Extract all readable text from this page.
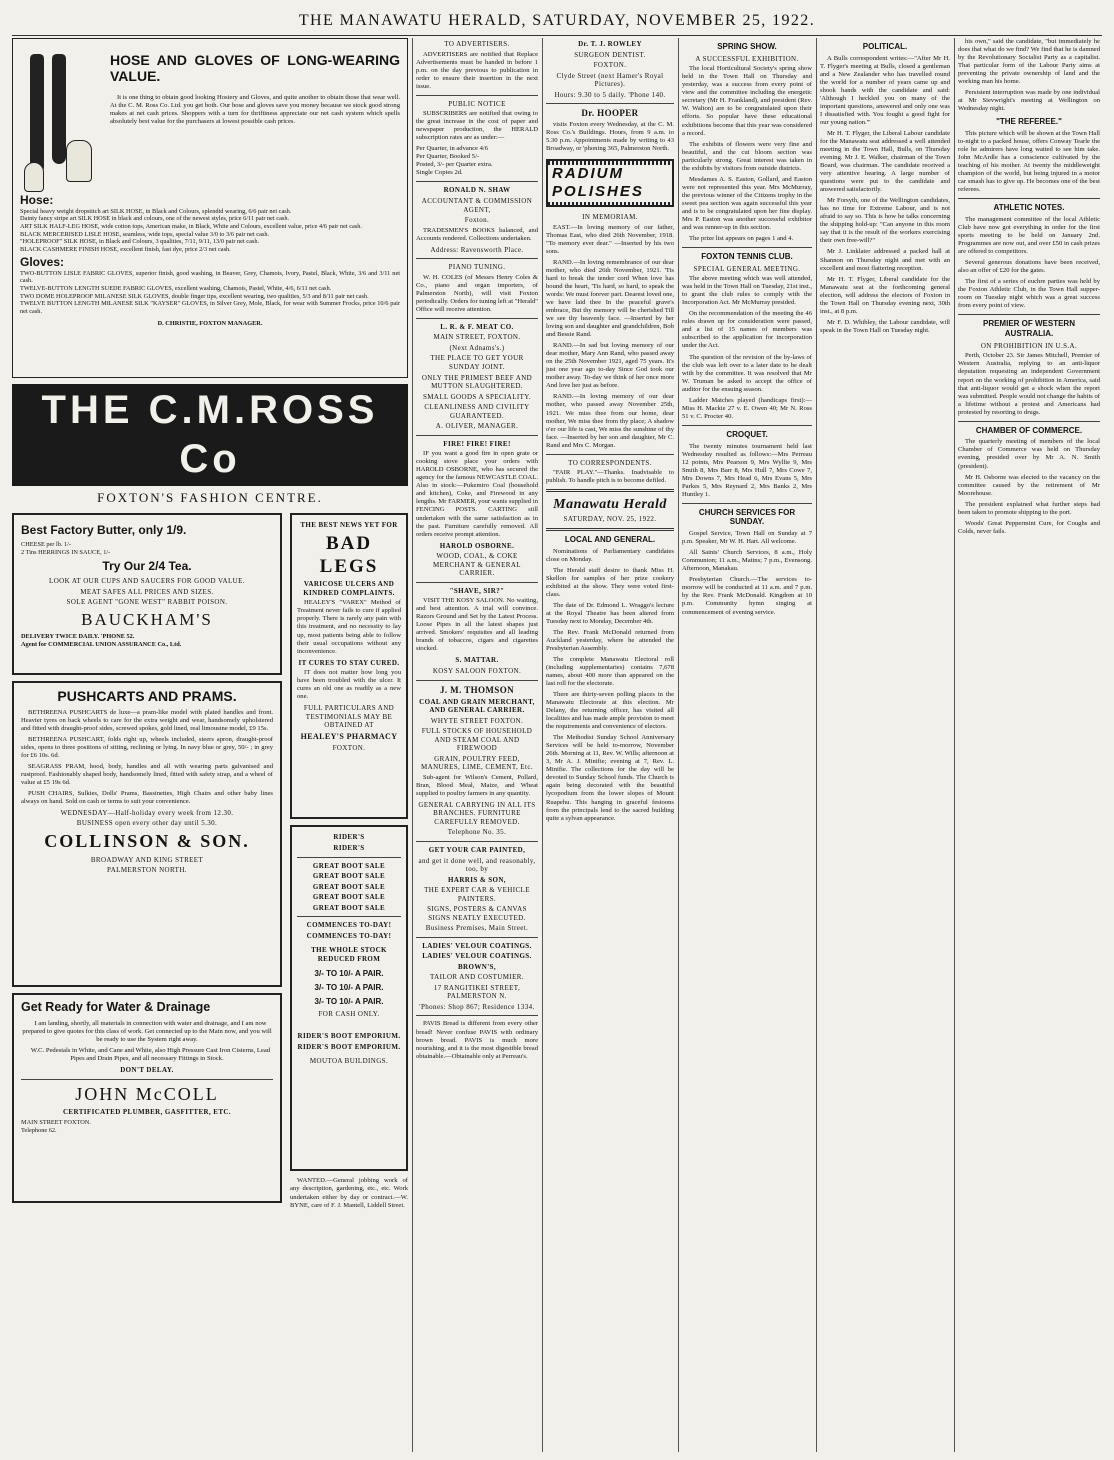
THE MANAWATU HERALD, SATURDAY, NOVEMBER 25, 1922.
HOSE AND GLOVES OF LONG-WEARING VALUE.

It is one thing to obtain good looking Hosiery and Gloves, and quite another to obtain those that wear well. At the C. M. Ross Co. Ltd. you get both. Our hose and gloves save you money because we stock good strong makes at net cash prices. Shoppers with a turn for thriftiness appreciate our net cash system which spells absolutely best value for the purchasers at lowest possible cash prices.

Hose:
Special heavy weight dropstitch art SILK HOSE, in Black and Colours, splendid wearing, 6/6 pair net cash.
Dainty fancy stripe art SILK HOSE in black and colours, one of the newest styles, price 6/11 pair net cash.
ART SILK HALF-LEG HOSE, wide cotton tops, American make, in Black, White and Colours, excellent value, price 4/6 pair net cash.
BLACK MERCERISED LISLE HOSE, seamless, wide tops, special value 3/0 to 3/6 pair net cash.
"HOLEPROOF" SILK HOSE, in Black and Colours, 3 qualities, 7/11, 9/11, 13/0 pair net cash.
BLACK CASHMERE FINISH HOSE, excellent finish, fast dye, price 2/3 net cash.
Gloves:
TWO-BUTTON LISLE FABRIC GLOVES, superior finish, good washing, in Beaver, Grey, Chamois, Ivory, Pastel, Black, White, 3/6 and 3/11 net cash.
TWELVE-BUTTON LENGTH SUEDE FABRIC GLOVES, excellent washing, Chamois, Pastel, White, 4/6, 6/11 net cash.
TWO DOME HOLEPROOF MILANESE SILK GLOVES, double finger tips, excellent wearing, two qualities, 5/3 and 8/11 pair net cash.
TWELVE BUTTON LENGTH MILANESE SILK "KAYSER" GLOVES, in Silver Grey, Mole, Black, for wear with Summer Frocks, price 10/6 pair net cash.
D. CHRISTIE, FOXTON MANAGER.
THE C.M.ROSS Co
FOXTON'S FASHION CENTRE.
Best Factory Butter, only 1/9.
CHEESE per lb. 1/-
2 Tins HERRINGS IN SAUCE, 1/-
Try Our 2/4 Tea.
LOOK AT OUR CUPS AND SAUCERS FOR GOOD VALUE.
MEAT SAFES ALL PRICES AND SIZES.
SOLE AGENT "GONE WEST" RABBIT POISON.
BAUCKHAM'S
DELIVERY TWICE DAILY. 'PHONE 52.
Agent for COMMERCIAL UNION ASSURANCE Co., Ltd.
PUSHCARTS AND PRAMS.

BETHREENA PUSHCARTS de luxe—a pram-like model with plated handles and front. Heavier tyres on back wheels to care for the extra weight and wear, handsomely upholstered and fitted with draught-proof sides, screwed spokes, gold lined, real limousine model, £9 15s.

BETHREENA PUSHCART, folds right up, wheels included, steers apron, draught-proof sides, opens to three positions of sitting, reclining or lying. In navy blue or grey, 50/- ; in grey for £6 10s. 6d.

SEAGRASS PRAM, hood, body, handles and all with wearing parts galvanised and rustproof. Fashionably shaped body, handsomely lined, fitted with safety strap, and a wheel of value at £5 19s 6d.

PUSH CHAIRS, Sulkies, Dolls' Prams, Bassinettes, High Chairs and other baby lines always on hand. Sold on cash or terms to suit your convenience.

WEDNESDAY—Half-holiday every week from 12.30.
BUSINESS open every other day until 5.30.
COLLINSON & SON.
BROADWAY AND KING STREET
PALMERSTON NORTH.
Get Ready for Water & Drainage

I am landing, shortly, all materials in connection with water and drainage, and I am now prepared to give quotes for this class of work. Get connected up to the Main now, and you will be ready to use the System right away.

W.C. Pedestals in White, and Cane and White, also High Pressure Cast Iron Cisterns, Lead Pipes and Drain Pipes, and all necessary Fittings in Stock.

DON'T DELAY.
JOHN McCOLL
CERTIFICATED PLUMBER, GASFITTER, ETC.
MAIN STREET FOXTON.
Telephone 62.
THE BEST NEWS YET FOR
BAD LEGS
VARICOSE ULCERS AND KINDRED COMPLAINTS.

HEALEY'S "VAREX" Method of Treatment never fails to cure if applied properly. There is rarely any pain with this treatment, and no necessity to lay up, most patients being able to follow their usual occupations without any inconvenience.

IT CURES TO STAY CURED.

IT does not matter how long you have been troubled with the ulcer. It cures an old one as readily as a new one.

FULL PARTICULARS AND TESTIMONIALS MAY BE OBTAINED AT
HEALEY'S PHARMACY
FOXTON.
RIDER'S
RIDER'S
GREAT BOOT SALE
GREAT BOOT SALE
GREAT BOOT SALE
GREAT BOOT SALE
GREAT BOOT SALE
COMMENCES TO-DAY!
COMMENCES TO-DAY!
THE WHOLE STOCK REDUCED FROM
3/- TO 10/- A PAIR.
3/- TO 10/- A PAIR.
3/- TO 10/- A PAIR.
FOR CASH ONLY.
RIDER'S BOOT EMPORIUM.
RIDER'S BOOT EMPORIUM.
MOUTOA BUILDINGS.

WANTED.—General jobbing work of any description, gardening, etc., etc. Work undertaken either by day or contract.—W. BYNE, care of F. J. Mantell, Liddell Street.

TO ADVERTISERS.

ADVERTISERS are notified that Replace Advertisements must be handed in before 1 p.m. on the day previous to publication in order to ensure their insertion in the next issue.

PUBLIC NOTICE

SUBSCRIBERS are notified that owing to the great increase in the cost of paper and newspaper production, the HERALD subscription rates are as under:—

Per Quarter, in advance 4/6
Per Quarter, Booked 5/-
Posted, 3/- per Quarter extra.
Single Copies 2d.
RONALD N. SHAW
ACCOUNTANT & COMMISSION AGENT,
Foxton.

TRADESMEN'S BOOKS balanced, and Accounts rendered. Collections undertaken.

Address: Ravensworth Place.
PIANO TUNING.

W. H. COLES (of Messrs Henry Coles & Co., piano and organ importers, of Palmerston North), will visit Foxton periodically. Orders for tuning left at "Herald" Office will receive attention.

L. R. & F. MEAT CO.
MAIN STREET, FOXTON.
(Next Adnams's.)
THE PLACE TO GET YOUR SUNDAY JOINT.
ONLY THE PRIMEST BEEF AND MUTTON SLAUGHTERED.
SMALL GOODS A SPECIALITY.
CLEANLINESS AND CIVILITY GUARANTEED.
A. OLIVER, MANAGER.
FIRE! FIRE! FIRE!

IF you want a good fire in open grate or cooking stove place your orders with HAROLD OSBORNE, who has secured the agency for the famous NEWCASTLE COAL. Also in stock:—Pukemiro Coal (household and kitchen), Coke, and Firewood in any lengths. Mr FARMER, your wants supplied in FENCING POSTS. CARTING still undertaken with the same satisfaction as in the past. Furniture carefully removed. All orders receive prompt attention.

HAROLD OSBORNE.
WOOD, COAL, & COKE MERCHANT & GENERAL CARRIER.
"SHAVE, SIR?"

VISIT THE KOSY SALOON. No waiting, and best attention. A trial will convince. Razors Ground and Set by the Latest Process. Loose Pipes in all the latest shapes just arrived. Smokers' requisites and all leading brands of tobaccos, cigars and cigarettes stocked.

S. MATTAR.
KOSY SALOON FOXTON.
J. M. THOMSON
COAL AND GRAIN MERCHANT, AND GENERAL CARRIER.
WHYTE STREET FOXTON.
FULL STOCKS OF HOUSEHOLD AND STEAM COAL AND FIREWOOD
GRAIN, POULTRY FEED, MANURES, LIME, CEMENT, Etc.

Sub-agent for Wilson's Cement, Pollard, Bran, Blood Meal, Maize, and Wheat supplied to poultry farmers in any quantity.

GENERAL CARRYING IN ALL ITS BRANCHES. FURNITURE CAREFULLY REMOVED.
Telephone No. 35.
GET YOUR CAR PAINTED,
and get it done well, and reasonably, too, by
HARRIS & SON,
THE EXPERT CAR & VEHICLE PAINTERS.
SIGNS, POSTERS & CANVAS SIGNS NEATLY EXECUTED.
Business Premises, Main Street.
LADIES' VELOUR COATINGS.
LADIES' VELOUR COATINGS.
BROWN'S,
TAILOR AND COSTUMIER.
17 RANGITIKEI STREET, PALMERSTON N.
'Phones: Shop 867; Residence 1334.

PAVIS Bread is different from every other bread! Never confuse PAVIS with ordinary brown bread. PAVIS is much more nourishing, and it is the most digestible bread obtainable.—Obtainable only at Perreau's.

Dr. T. J. ROWLEY
SURGEON DENTIST.
FOXTON.
Clyde Street (next Hamer's Royal Pictures).
Hours: 9.30 to 5 daily. 'Phone 140.
Dr. HOOPER

visits Foxton every Wednesday, at the C. M. Ross Co.'s Buildings. Hours, from 9 a.m. to 5.30 p.m. Appointments made by writing to 43 Broadway, or 'phoning 365, Palmerston North.

RADIUM POLISHES
IN MEMORIAM.

EAST.—In loving memory of our father, Thomas East, who died 26th November, 1918. "To memory ever dear." —Inserted by his two sons.

RAND.—In loving remembrance of our dear mother, who died 26th November, 1921. 'Tis hard to break the tender cord When love has bound the heart, 'Tis hard, so hard, to speak the words: We must forever part. Dearest loved one, we have laid thee In the peaceful grave's embrace, But thy memory will be cherished Till we see thy heavenly face. —Inserted by her loving son and daughter and grandchildren, Bob and Bessie Rand.

RAND.—In sad but loving memory of our dear mother, Mary Ann Rand, who passed away on the 25th November 1921, aged 75 years. It's just one year ago to-day Since God took our mother away. To-day we think of her once more And love her just as before.

RAND.—In loving memory of our dear mother, who passed away November 25th, 1921. We miss thee from our home, dear mother, We miss thee from thy place; A shadow o'er our life is cast, We miss the sunshine of thy face. —Inserted by her son and daughter, Mr C. Rand and Mrs C. Morgan.

TO CORRESPONDENTS.

"FAIR PLAY."—Thanks. Inadvisable to publish. To handle pitch is to become defiled.

Manawatu Herald
SATURDAY, NOV. 25, 1922.
LOCAL AND GENERAL.

Nominations of Parliamentary candidates close on Monday.

The Herald staff desire to thank Miss H. Skellon for samples of her prize cookery exhibited at the show. They were voted first-class.

The date of Dr. Edmond L. Wraggo's lecture at the Royal Theatre has been altered from Tuesday next to Monday, December 4th.

The Rev. Frank McDonald returned from Auckland yesterday, where he attended the Presbyterian Assembly.

The complete Manawatu Electoral roll (including supplementaries) contains 7,678 names, about 400 more than appeared on the last roll for the electorate.

There are thirty-seven polling places in the Manawatu Electorate at this election. Mr Delany, the returning officer, has visited all localities and has made ample provision to meet the requirements and convenience of electors.

The Methodist Sunday School Anniversary Services will be held to-morrow, November 26th. Morning at 11, Rev. W. Wills; afternoon at 3, Mr A. J. Minifie; evening at 7, Rev. L. Minifie. The collections for the day will be devoted to Sunday School funds. The Church is again being decorated with the beautiful lycopodium from the lower slopes of Mount Ruapehu. This hanging in graceful festoons from the principals lend to the sacred building quite a sylvan appearance.

SPRING SHOW.
A SUCCESSFUL EXHIBITION.

The local Horticultural Society's spring show held in the Town Hall on Thursday and yesterday, was a success from every point of view and the committee including the energetic secretary (Mr H. Frankland), and president (Rev. W. Walton) are to be congratulated upon their efforts. So popular have these educational exhibitions become that this year was considered a record.

The exhibits of flowers were very fine and beautiful, and the cut bloom section was particularly strong. Great interest was taken in the exhibits by visitors from outside districts.

Mesdames A. S. Easton, Gollard, and Easton were not represented this year. Mrs McMurray, the previous winner of the Citizens trophy in the sweet pea section was again successful this year and is to be congratulated upon her fine display. Mrs P. Easton was another successful exhibitor and was runner-up in this section.

The prize list appears on pages 1 and 4.

FOXTON TENNIS CLUB.
SPECIAL GENERAL MEETING.

The above meeting which was well attended, was held in the Town Hall on Tuesday, 21st inst., to grant the club rules to comply with the Incorporation Act. Mr McMurray presided.

On the recommendation of the meeting the 46 rules drawn up for consideration were passed, and a list of 15 names of members was subscribed to the application for incorporation under the Act.

The question of the revision of the by-laws of the club was left over to a later date to be dealt with by the committee. It was resolved that Mr W. Truman be asked to accept the office of auditor for the ensuing season.

Ladder Matches played (handicaps first):—Miss H. Mackie 27 v. E. Owen 40; Mr N. Ross 51 v. C. Procter 40.

CROQUET.

The twenty minutes tournament held last Wednesday resulted as follows:—Mrs Perreau 12 points, Mrs Pearson 9, Mrs Wyllie 9, Mrs Smith 8, Mrs Barr 8, Mrs Hull 7, Mrs Cowe 7, Mrs Downs 7, Mrs Head 6, Mrs Evans 5, Mrs Parkes 5, Mrs Reynard 2, Mrs Banks 2, Mrs Huntley 1.

CHURCH SERVICES FOR SUNDAY.

Gospel Service, Town Hall on Sunday at 7 p.m. Speaker, Mr W. H. Hart. All welcome.

All Saints' Church Services, 8 a.m., Holy Communion; 11 a.m., Matins; 7 p.m., Evensong. Afternoon, Manakau.

Presbyterian Church.—The services to-morrow will be conducted at 11 a.m. and 7 p.m. by the Rev. Frank McDonald. Kingdom at 10 p.m. Community hymn singing at commencement of evening service.

POLITICAL.

A Bulls correspondent writes:—"After Mr H. T. Flyger's meeting at Bulls, closed a gentleman and a New Zealander who has travelled round the world for a number of years came up and shook hands with the candidate and said: 'Although I heckled you on many of the important questions, answered and only one was I dissatisfied with. You fought a good fight for our young nation.'"

Mr H. T. Flyger, the Liberal Labour candidate for the Manawatu seat addressed a well attended meeting in the Town Hall, Bulls, on Thursday evening. Mr J. E. Walker, chairman of the Town Board, was chairman. The candidate received a very attentive hearing. A large number of questions were put to the candidate and answered satisfactorily.

Mr Forsyth, one of the Wellington candidates, has no time for Extreme Labour, and is not afraid to say so. This is how he talks concerning the shipping hold-up: "Can anyone in this room say that it is the result of the workers exercising their own free-will?"

Mr J. Linklater addressed a packed hall at Shannon on Thursday night and met with an excellent and most flattering reception.

Mr H. T. Flyger, Liberal candidate for the Manawatu seat at the forthcoming general election, will address the electors of Foxton in the Town Hall on Thursday evening next, 30th inst., at 8 p.m.

Mr F. D. Whibley, the Labour candidate, will speak in the Town Hall on Tuesday night.

his own," said the candidate, "but immediately he does that what do we find? We find that he is damned by the Revolutionary Socialist Party as a capitalist. That particular form of the Labour Party aims at preventing the private ownership of land and the working man his home.

Persistent interruption was made by one individual at Mr Sievwright's meeting at Wellington on Wednesday night.

"THE REFEREE."

This picture which will be shown at the Town Hall to-night to a packed house, offers Conway Tearle the role he admirers have long waited to see him take. John McArdle has a conscience cultivated by the teaching of his mother. At twenty the middleweight champion of the world, but being injured in a motor car smash has to give up. He becomes one of the best referees.

ATHLETIC NOTES.

The management committee of the local Athletic Club have now got everything in order for the first sports meeting to be held on January 2nd. Programmes are now out, and over £50 in cash prizes are offered to competitors.

Several generous donations have been received, also an offer of £20 for the gates.

The first of a series of euchre parties was held by the Foxton Athletic Club, in the Town Hall supper-room on Tuesday night which was a great success from every point of view.

PREMIER OF WESTERN AUSTRALIA.
ON PROHIBITION IN U.S.A.

Perth, October 23. Sir James Mitchell, Premier of Western Australia, replying to an anti-liquor deputation requesting an independent Government report on the working of prohibition in America, said that anti-liquor would get a shock when the report was submitted. People would not change the habits of a lifetime without a protest and Americans had protested by resorting to drugs.

CHAMBER OF COMMERCE.

The quarterly meeting of members of the local Chamber of Commerce was held on Thursday evening, presided over by Mr A. N. Smith (president).

Mr H. Osborne was elected to the vacancy on the committee caused by the retirement of Mr Moorehouse.

The president explained what further steps had been taken to promote shipping to the port.

Woods' Great Peppermint Cure, for Coughs and Colds, never fails.
